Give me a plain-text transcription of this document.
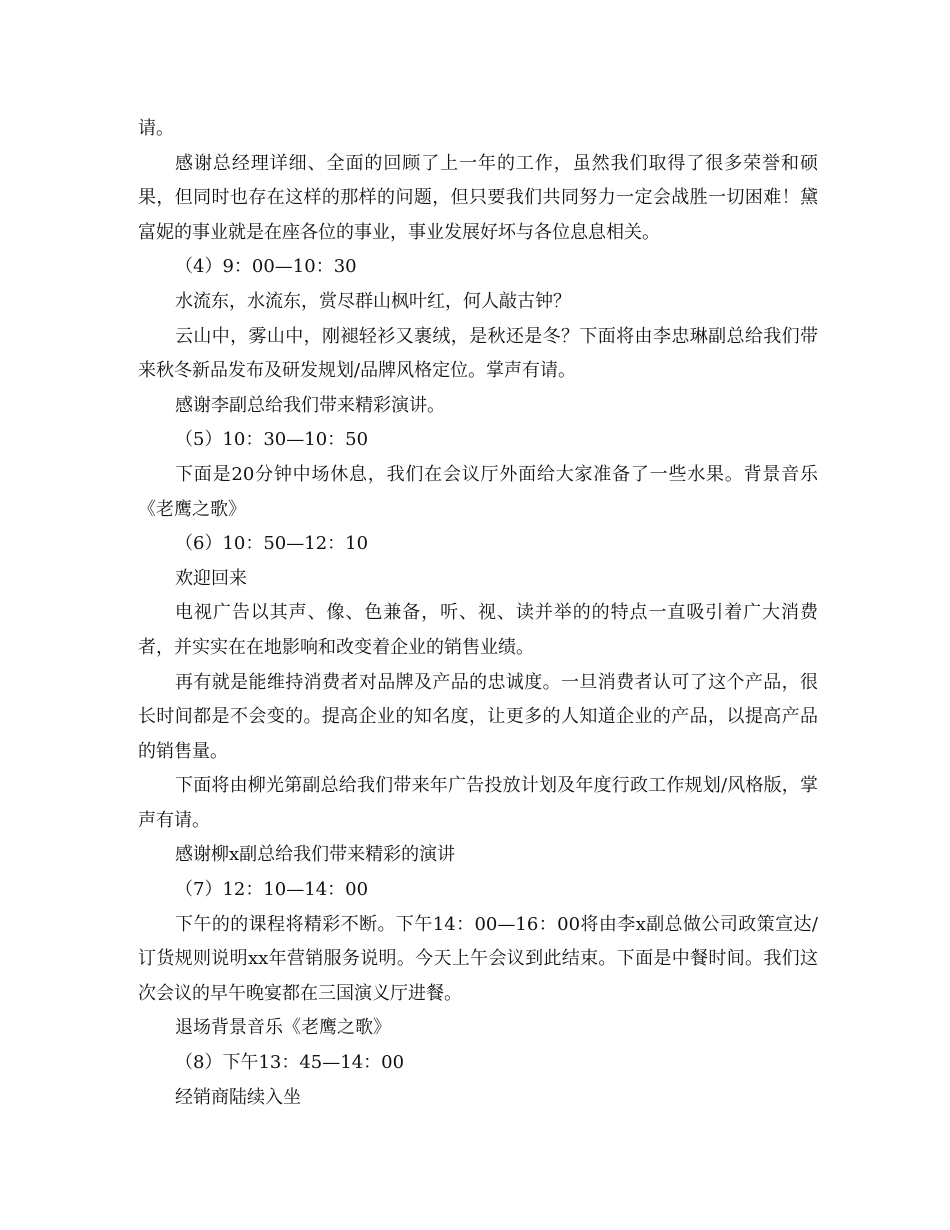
请。

感谢总经理详细、全面的回顾了上一年的工作，虽然我们取得了很多荣誉和硕果，但同时也存在这样的那样的问题，但只要我们共同努力一定会战胜一切困难！黛富妮的事业就是在座各位的事业，事业发展好坏与各位息息相关。

（4）9：00—10：30

水流东，水流东，赏尽群山枫叶红，何人敲古钟？

云山中，雾山中，刚褪轻衫又裹绒，是秋还是冬？下面将由李忠琳副总给我们带来秋冬新品发布及研发规划/品牌风格定位。掌声有请。

感谢李副总给我们带来精彩演讲。

（5）10：30—10：50

下面是20分钟中场休息，我们在会议厅外面给大家准备了一些水果。背景音乐《老鹰之歌》

（6）10：50—12：10

欢迎回来

电视广告以其声、像、色兼备，听、视、读并举的的特点一直吸引着广大消费者，并实实在在地影响和改变着企业的销售业绩。

再有就是能维持消费者对品牌及产品的忠诚度。一旦消费者认可了这个产品，很长时间都是不会变的。提高企业的知名度，让更多的人知道企业的产品，以提高产品的销售量。

下面将由柳光第副总给我们带来年广告投放计划及年度行政工作规划/风格版，掌声有请。

感谢柳x副总给我们带来精彩的演讲

（7）12：10—14：00

下午的的课程将精彩不断。下午14：00—16：00将由李x副总做公司政策宣达/订货规则说明xx年营销服务说明。今天上午会议到此结束。下面是中餐时间。我们这次会议的早午晚宴都在三国演义厅进餐。

退场背景音乐《老鹰之歌》

（8）下午13：45—14：00

经销商陆续入坐
